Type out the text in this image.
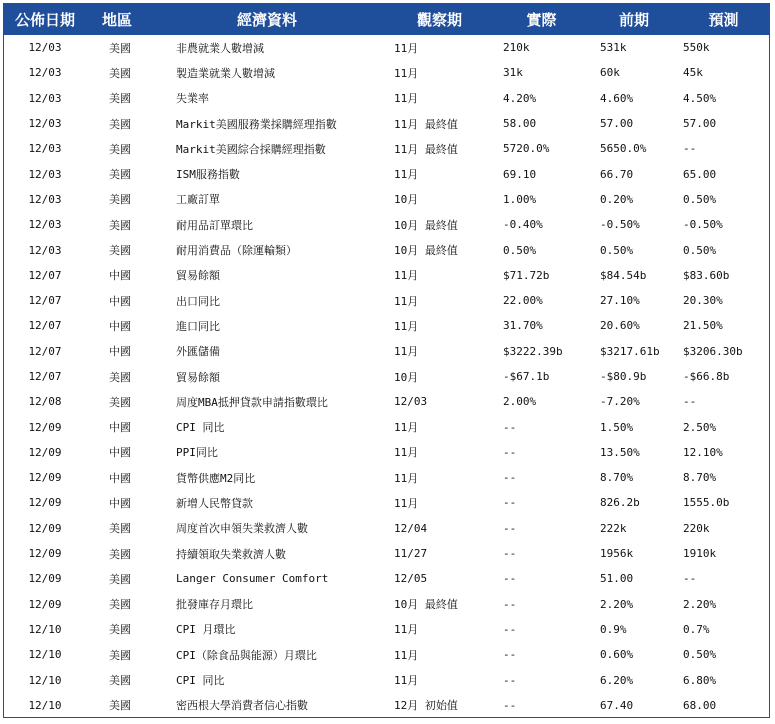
公佈日期	地區	經濟資料	觀察期	實際	前期	預測
12/03	美國	非農就業人數增減	11月	210k	531k	550k
12/03	美國	製造業就業人數增減	11月	31k	60k	45k
12/03	美國	失業率	11月	4.20%	4.60%	4.50%
12/03	美國	Markit美國服務業採購經理指數	11月 最終值	58.00	57.00	57.00
12/03	美國	Markit美國綜合採購經理指數	11月 最終值	5720.0%	5650.0%	--
12/03	美國	ISM服務指數	11月	69.10	66.70	65.00
12/03	美國	工廠訂單	10月	1.00%	0.20%	0.50%
12/03	美國	耐用品訂單環比	10月 最終值	-0.40%	-0.50%	-0.50%
12/03	美國	耐用消費品（除運輸類）	10月 最終值	0.50%	0.50%	0.50%
12/07	中國	貿易餘額	11月	$71.72b	$84.54b	$83.60b
12/07	中國	出口同比	11月	22.00%	27.10%	20.30%
12/07	中國	進口同比	11月	31.70%	20.60%	21.50%
12/07	中國	外匯儲備	11月	$3222.39b	$3217.61b	$3206.30b
12/07	美國	貿易餘額	10月	-$67.1b	-$80.9b	-$66.8b
12/08	美國	周度MBA抵押貸款申請指數環比	12/03	2.00%	-7.20%	--
12/09	中國	CPI 同比	11月	--	1.50%	2.50%
12/09	中國	PPI同比	11月	--	13.50%	12.10%
12/09	中國	貨幣供應M2同比	11月	--	8.70%	8.70%
12/09	中國	新增人民幣貸款	11月	--	826.2b	1555.0b
12/09	美國	周度首次申領失業救濟人數	12/04	--	222k	220k
12/09	美國	持續領取失業救濟人數	11/27	--	1956k	1910k
12/09	美國	Langer Consumer Comfort	12/05	--	51.00	--
12/09	美國	批發庫存月環比	10月 最終值	--	2.20%	2.20%
12/10	美國	CPI 月環比	11月	--	0.9%	0.7%
12/10	美國	CPI（除食品與能源）月環比	11月	--	0.60%	0.50%
12/10	美國	CPI 同比	11月	--	6.20%	6.80%
12/10	美國	密西根大學消費者信心指數	12月 初始值	--	67.40	68.00
